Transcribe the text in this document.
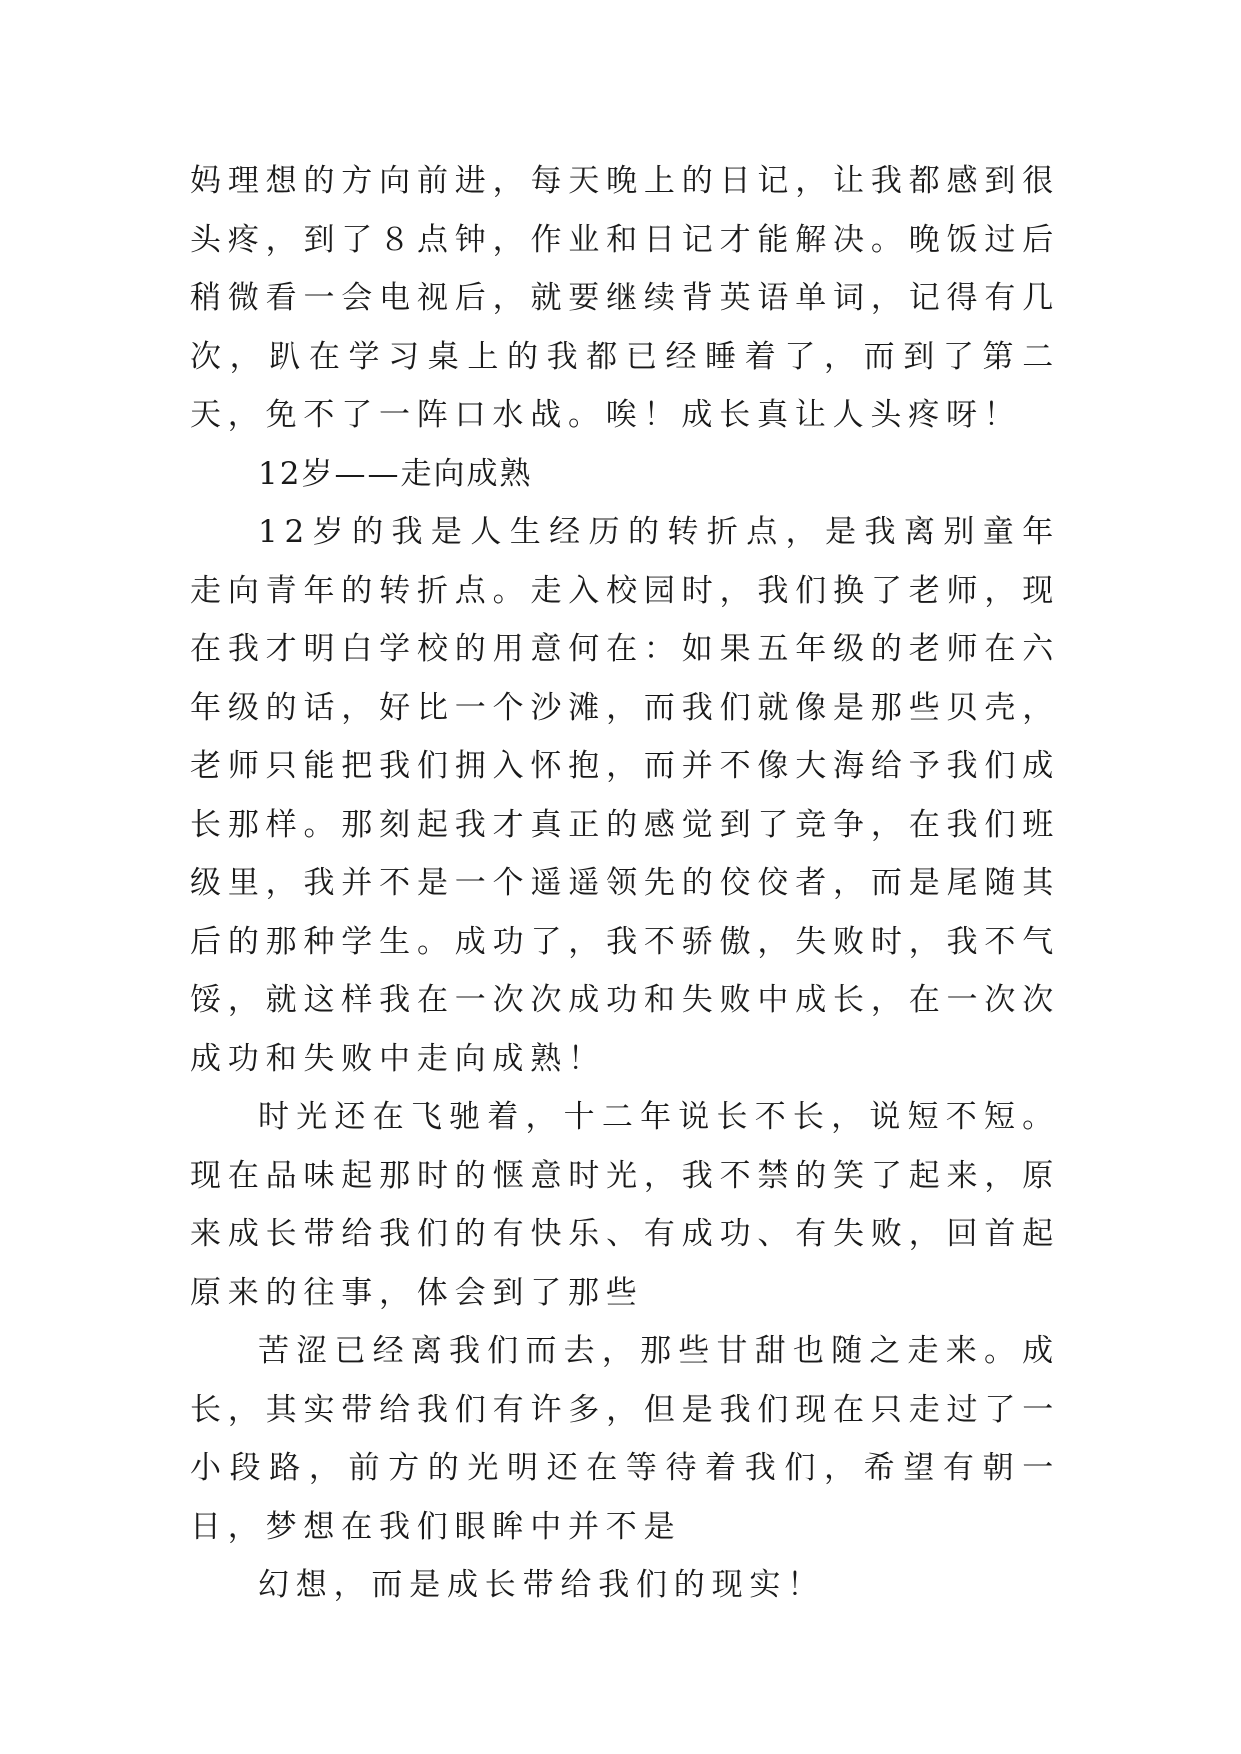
妈理想的方向前进，每天晚上的日记，让我都感到很头疼，到了８点钟，作业和日记才能解决。晚饭过后稍微看一会电视后，就要继续背英语单词，记得有几次，趴在学习桌上的我都已经睡着了，而到了第二天，免不了一阵口水战。唉！成长真让人头疼呀！

12岁——走向成熟

12岁的我是人生经历的转折点，是我离别童年走向青年的转折点。走入校园时，我们换了老师，现在我才明白学校的用意何在：如果五年级的老师在六年级的话，好比一个沙滩，而我们就像是那些贝壳，老师只能把我们拥入怀抱，而并不像大海给予我们成长那样。那刻起我才真正的感觉到了竞争，在我们班级里，我并不是一个遥遥领先的佼佼者，而是尾随其后的那种学生。成功了，我不骄傲，失败时，我不气馁，就这样我在一次次成功和失败中成长，在一次次成功和失败中走向成熟！

时光还在飞驰着，十二年说长不长，说短不短。现在品味起那时的惬意时光，我不禁的笑了起来，原来成长带给我们的有快乐、有成功、有失败，回首起原来的往事，体会到了那些

苦涩已经离我们而去，那些甘甜也随之走来。成长，其实带给我们有许多，但是我们现在只走过了一小段路，前方的光明还在等待着我们，希望有朝一日，梦想在我们眼眸中并不是

幻想，而是成长带给我们的现实！
